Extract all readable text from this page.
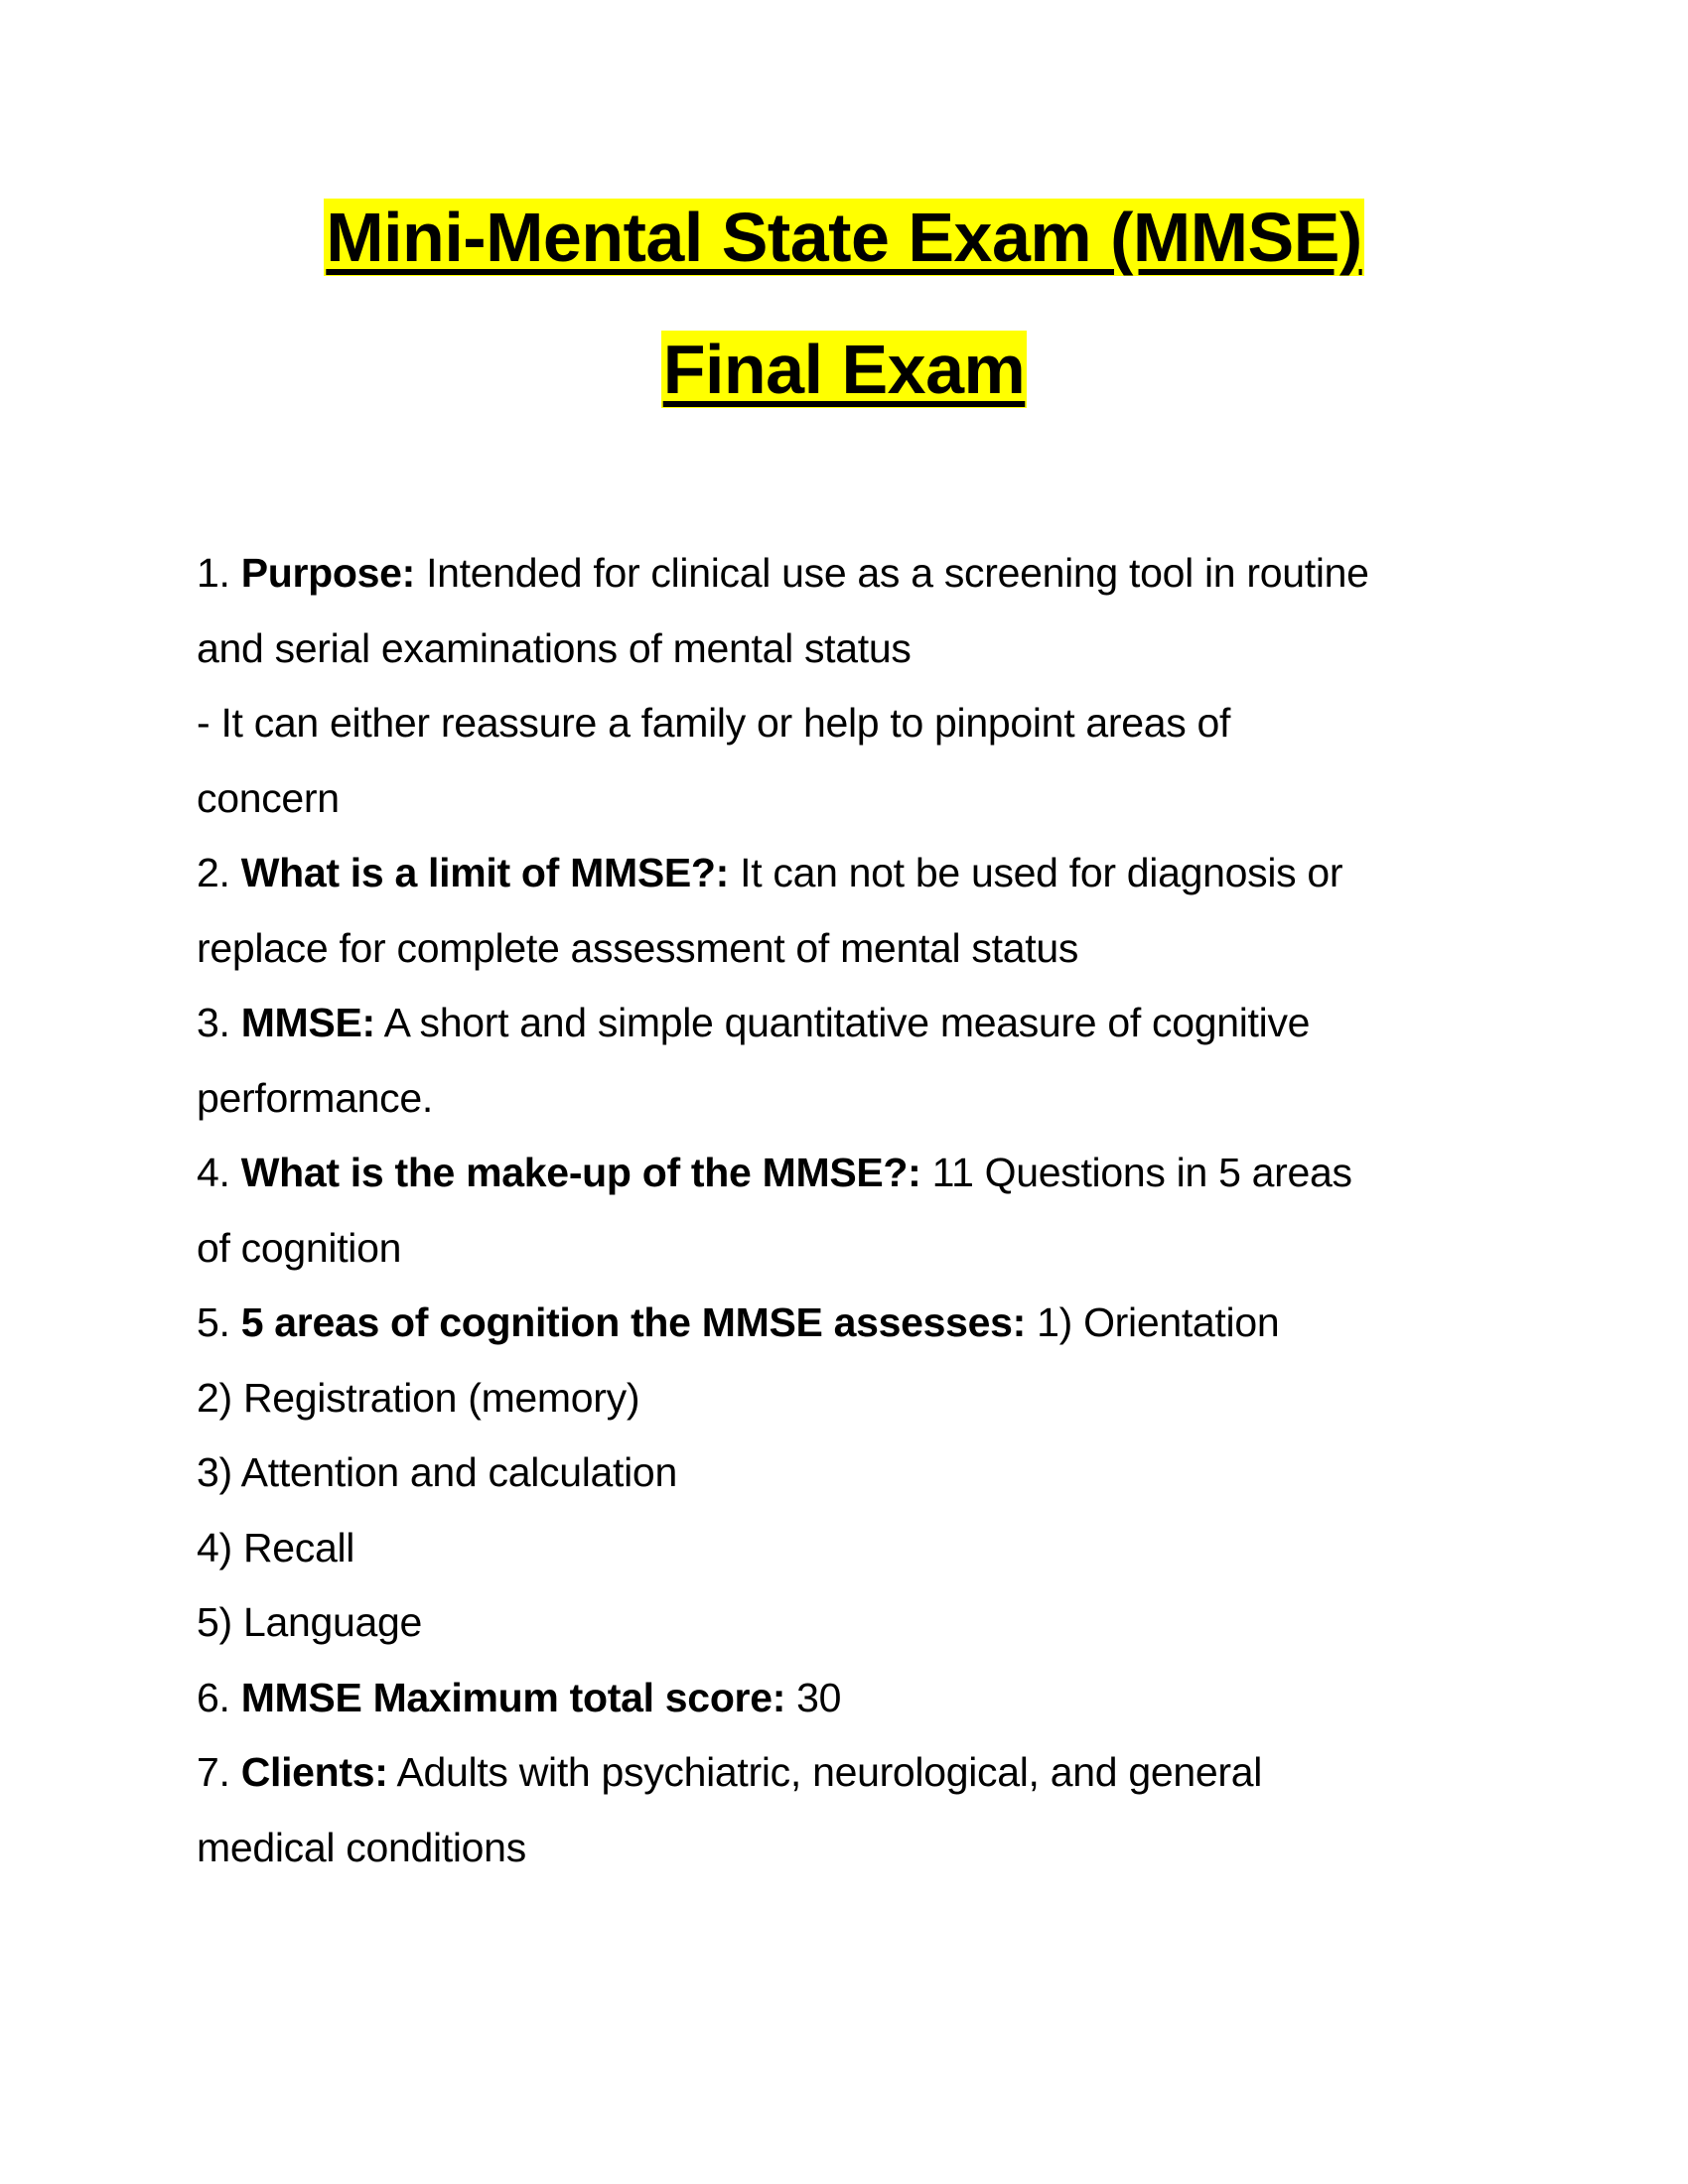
Mini-Mental State Exam (MMSE)
Final Exam
1. Purpose: Intended for clinical use as a screening tool in routine
and serial examinations of mental status
- It can either reassure a family or help to pinpoint areas of
concern
2. What is a limit of MMSE?: It can not be used for diagnosis or
replace for complete assessment of mental status
3. MMSE: A short and simple quantitative measure of cognitive
performance.
4. What is the make-up of the MMSE?: 11 Questions in 5 areas
of cognition
5. 5 areas of cognition the MMSE assesses: 1) Orientation
2) Registration (memory)
3) Attention and calculation
4) Recall
5) Language
6. MMSE Maximum total score: 30
7. Clients: Adults with psychiatric, neurological, and general
medical conditions
